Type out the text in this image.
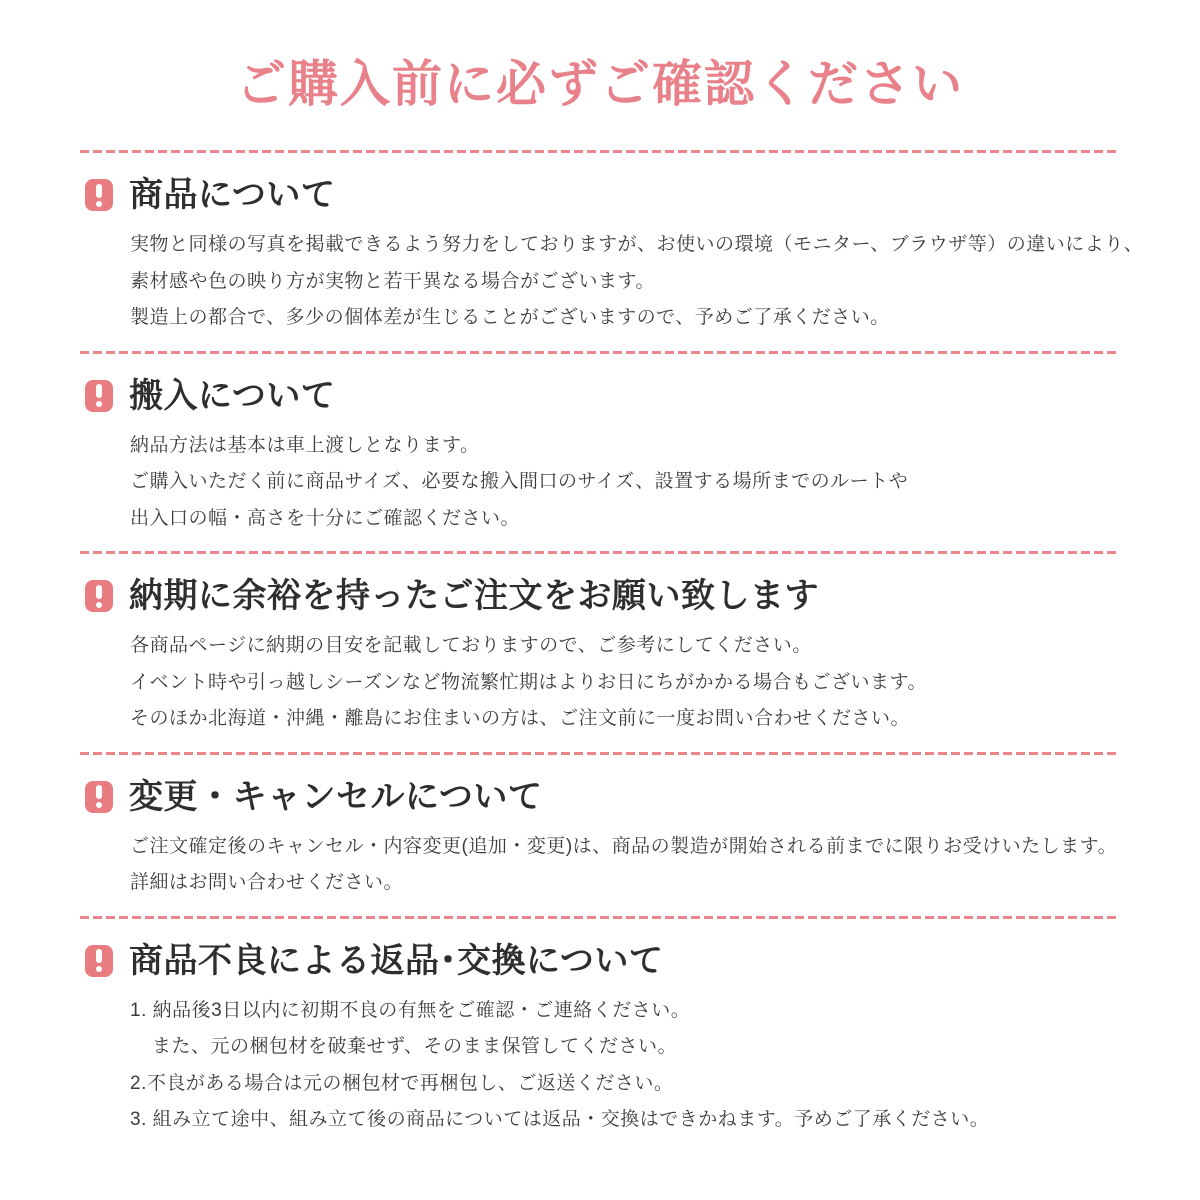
ご購入前に必ずご確認ください
商品について

実物と同様の写真を掲載できるよう努力をしておりますが、お使いの環境（モニター、ブラウザ等）の違いにより、

素材感や色の映り方が実物と若干異なる場合がございます。

製造上の都合で、多少の個体差が生じることがございますので、予めご了承ください。

搬入について

納品方法は基本は車上渡しとなります。

ご購入いただく前に商品サイズ、必要な搬入間口のサイズ、設置する場所までのルートや

出入口の幅・高さを十分にご確認ください。

納期に余裕を持ったご注文をお願い致します

各商品ページに納期の目安を記載しておりますので、ご参考にしてください。

イベント時や引っ越しシーズンなど物流繁忙期はよりお日にちがかかる場合もございます。

そのほか北海道・沖縄・離島にお住まいの方は、ご注文前に一度お問い合わせください。

変更・キャンセルについて

ご注文確定後のキャンセル・内容変更(追加・変更)は、商品の製造が開始される前までに限りお受けいたします。

詳細はお問い合わせください。

商品不良による返品･交換について

1. 納品後3日以内に初期不良の有無をご確認・ご連絡ください。

また、元の梱包材を破棄せず、そのまま保管してください。

2.不良がある場合は元の梱包材で再梱包し、ご返送ください。

3. 組み立て途中、組み立て後の商品については返品・交換はできかねます。予めご了承ください。
